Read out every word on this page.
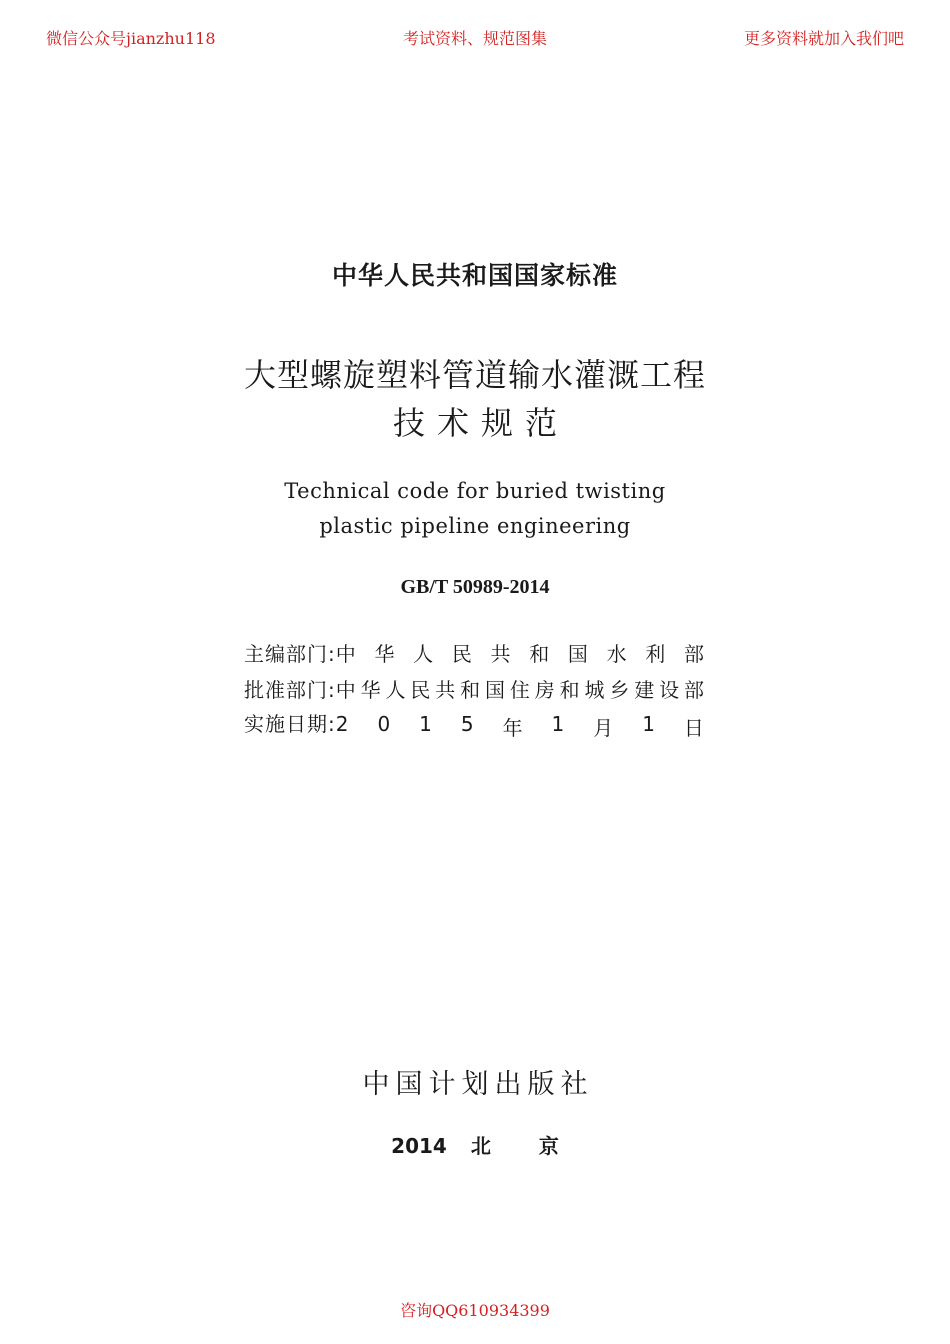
微信公众号jianzhu118	考试资料、规范图集	更多资料就加入我们吧
中华人民共和国国家标准
大型螺旋塑料管道输水灌溉工程
技术规范
Technical code for buried twisting
plastic pipeline engineering
GB/T 50989-2014
主编部门: 中 华 人 民 共 和 国 水 利 部
批准部门: 中 华 人 民 共 和 国 住 房 和 城 乡 建 设 部
实施日期: 2 0 1 5 年 1 月 1 日
中国计划出版社
2014 北 京
咨询QQ610934399
